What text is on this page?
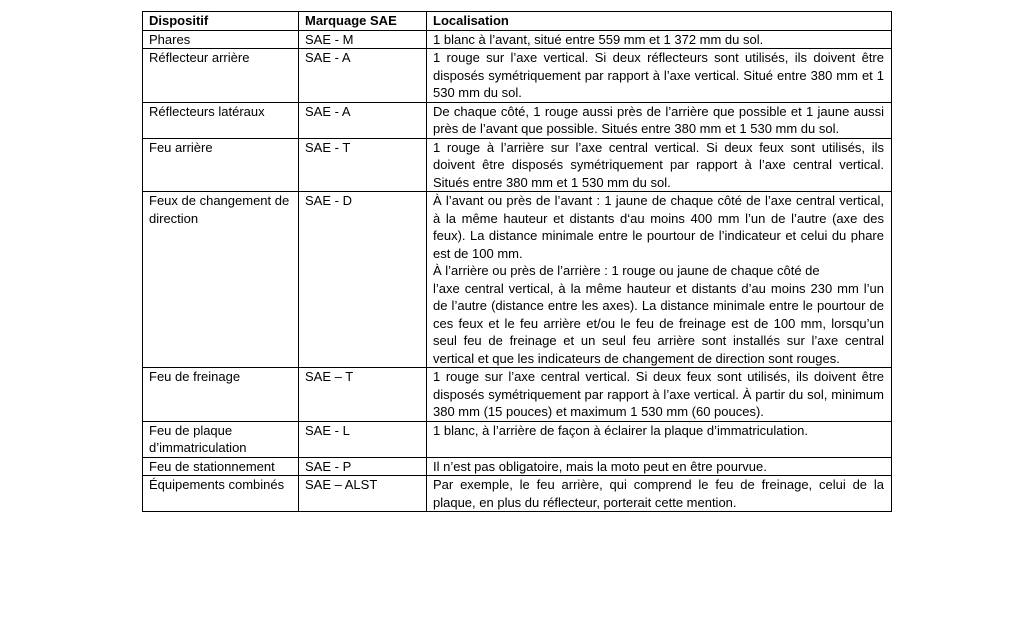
Dispositif	Marquage SAE	Localisation
Phares	SAE - M	1 blanc à l’avant, situé entre 559 mm et 1 372 mm du sol.

Réflecteur arrière	SAE - A	1 rouge sur l’axe vertical. Si deux réflecteurs sont utilisés, ils doivent être disposés symétriquement par rapport à l’axe vertical. Situé entre 380 mm et 1 530 mm du sol.

Réflecteurs latéraux	SAE - A	De chaque côté, 1 rouge aussi près de l’arrière que possible et 1 jaune aussi près de l’avant que possible. Situés entre 380 mm et 1 530 mm du sol.

Feu arrière	SAE - T	1 rouge à l’arrière sur l’axe central vertical. Si deux feux sont utilisés, ils doivent être disposés symétriquement par rapport à l’axe central vertical. Situés entre 380 mm et 1 530 mm du sol.

Feux de changement de direction	SAE - D	À l’avant ou près de l’avant : 1 jaune de chaque côté de l’axe central vertical, à la même hauteur et distants d‘au moins 400 mm l’un de l’autre (axe des feux). La distance minimale entre le pourtour de l’indicateur et celui du phare est de 100 mm.

À l’arrière ou près de l’arrière : 1 rouge ou jaune de chaque côté de

l’axe central vertical, à la même hauteur et distants d’au moins 230 mm l’un de l’autre (distance entre les axes). La distance minimale entre le pourtour de ces feux et le feu arrière et/ou le feu de freinage est de 100 mm, lorsqu’un seul feu de freinage et un seul feu arrière sont installés sur l’axe central vertical et que les indicateurs de changement de direction sont rouges.

Feu de freinage	SAE – T	1 rouge sur l’axe central vertical. Si deux feux sont utilisés, ils doivent être disposés symétriquement par rapport à l’axe vertical. À partir du sol, minimum 380 mm (15 pouces) et maximum 1 530 mm (60 pouces).

Feu de plaque d’immatriculation	SAE - L	1 blanc, à l’arrière de façon à éclairer la plaque d’immatriculation.

Feu de stationnement	SAE - P	Il n’est pas obligatoire, mais la moto peut en être pourvue.

Équipements combinés	SAE – ALST	Par exemple, le feu arrière, qui comprend le feu de freinage, celui de la plaque, en plus du réflecteur, porterait cette mention.
